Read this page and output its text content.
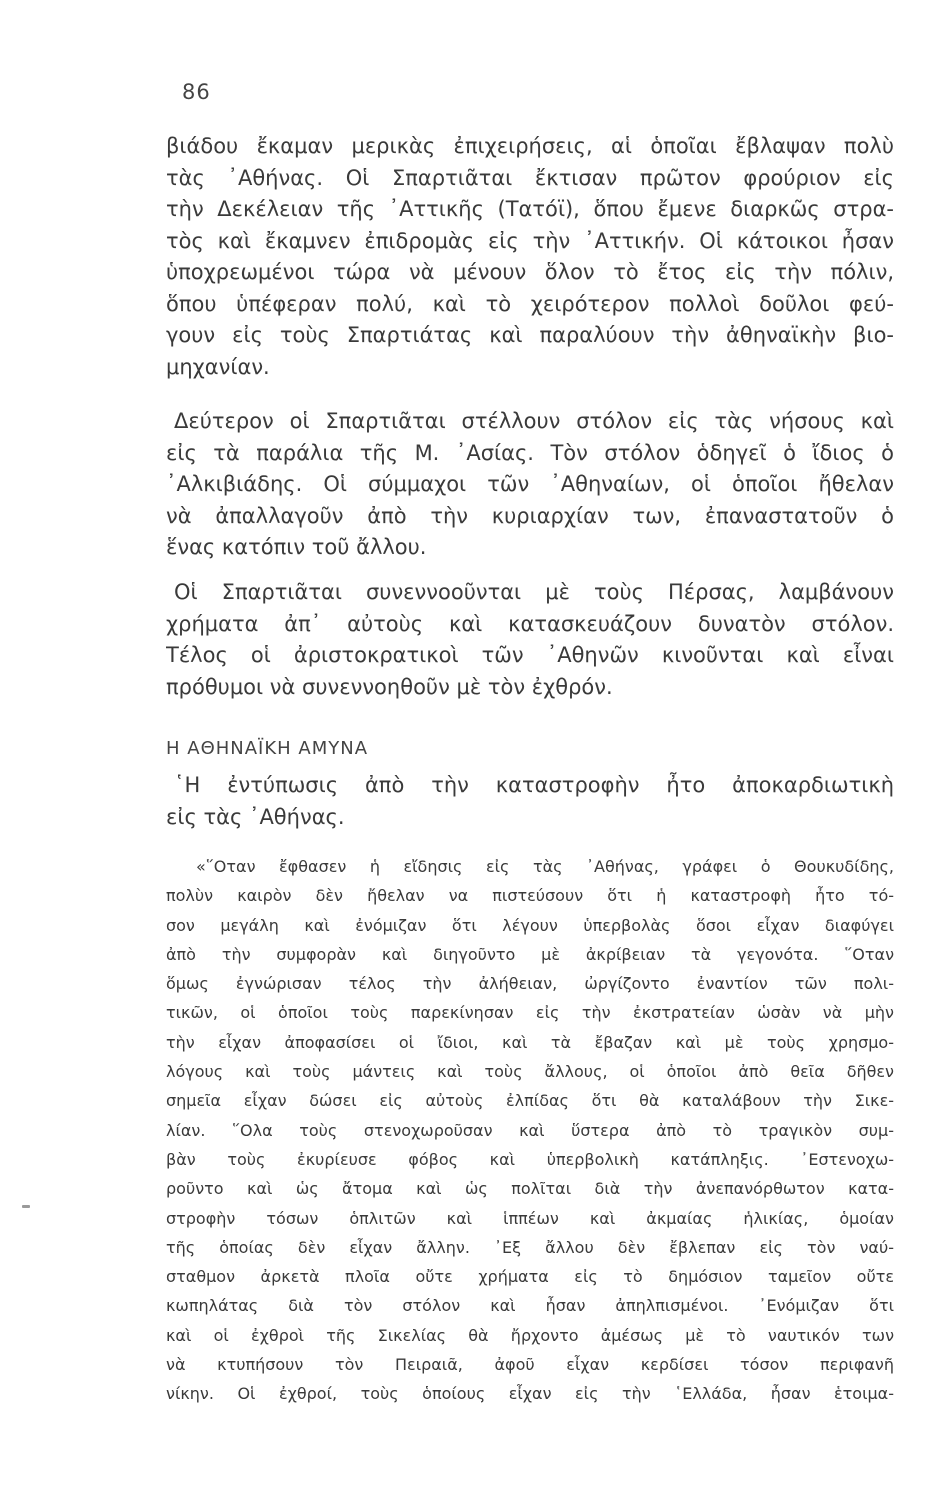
86
βιάδου ἔκαμαν μερικὰς ἐπιχειρήσεις, αἱ ὁποῖαι ἔβλαψαν πολὺ
τὰς ᾿Αθήνας. Οἱ Σπαρτιᾶται ἔκτισαν πρῶτον φρούριον εἰς
τὴν Δεκέλειαν τῆς ᾿Αττικῆς (Τατόϊ), ὅπου ἔμενε διαρκῶς στρα-
τὸς καὶ ἔκαμνεν ἐπιδρομὰς εἰς τὴν ᾿Αττικήν. Οἱ κάτοικοι ἦσαν
ὑποχρεωμένοι τώρα νὰ μένουν ὅλον τὸ ἔτος εἰς τὴν πόλιν,
ὅπου ὑπέφεραν πολύ, καὶ τὸ χειρότερον πολλοὶ δοῦλοι φεύ-
γουν εἰς τοὺς Σπαρτιάτας καὶ παραλύουν τὴν ἀθηναϊκὴν βιο-
μηχανίαν.
Δεύτερον οἱ Σπαρτιᾶται στέλλουν στόλον εἰς τὰς νήσους καὶ
εἰς τὰ παράλια τῆς Μ. ᾿Ασίας. Τὸν στόλον ὁδηγεῖ ὁ ἴδιος ὁ
᾿Αλκιβιάδης. Οἱ σύμμαχοι τῶν ᾿Αθηναίων, οἱ ὁποῖοι ἤθελαν
νὰ ἀπαλλαγοῦν ἀπὸ τὴν κυριαρχίαν των, ἐπαναστατοῦν ὁ
ἕνας κατόπιν τοῦ ἄλλου.
Οἱ Σπαρτιᾶται συνεννοοῦνται μὲ τοὺς Πέρσας, λαμβάνουν
χρήματα ἀπ᾿ αὐτοὺς καὶ κατασκευάζουν δυνατὸν στόλον.
Τέλος οἱ ἀριστοκρατικοὶ τῶν ᾿Αθηνῶν κινοῦνται καὶ εἶναι
πρόθυμοι νὰ συνεννοηθοῦν μὲ τὸν ἐχθρόν.
Η ΑΘΗΝΑΪΚΗ ΑΜΥΝΑ
῾Η ἐντύπωσις ἀπὸ τὴν καταστροφὴν ἦτο ἀποκαρδιωτικὴ
εἰς τὰς ᾿Αθήνας.
«῞Οταν ἔφθασεν ἡ εἴδησις εἰς τὰς ᾿Αθήνας, γράφει ὁ Θουκυδίδης,
πολὺν καιρὸν δὲν ἤθελαν να πιστεύσουν ὅτι ἡ καταστροφὴ ἦτο τό-
σον μεγάλη καὶ ἐνόμιζαν ὅτι λέγουν ὑπερβολὰς ὅσοι εἶχαν διαφύγει
ἀπὸ τὴν συμφορὰν καὶ διηγοῦντο μὲ ἀκρίβειαν τὰ γεγονότα. ῞Οταν
ὅμως ἐγνώρισαν τέλος τὴν ἀλήθειαν, ὠργίζοντο ἐναντίον τῶν πολι-
τικῶν, οἱ ὁποῖοι τοὺς παρεκίνησαν εἰς τὴν ἐκστρατείαν ὡσὰν νὰ μὴν
τὴν εἶχαν ἀποφασίσει οἱ ἴδιοι, καὶ τὰ ἔβαζαν καὶ μὲ τοὺς χρησμο-
λόγους καὶ τοὺς μάντεις καὶ τοὺς ἄλλους, οἱ ὁποῖοι ἀπὸ θεῖα δῆθεν
σημεῖα εἶχαν δώσει εἰς αὐτοὺς ἐλπίδας ὅτι θὰ καταλάβουν τὴν Σικε-
λίαν. ῞Ολα τοὺς στενοχωροῦσαν καὶ ὕστερα ἀπὸ τὸ τραγικὸν συμ-
βὰν τοὺς ἐκυρίευσε φόβος καὶ ὑπερβολικὴ κατάπληξις. ᾿Εστενοχω-
ροῦντο καὶ ὡς ἄτομα καὶ ὡς πολῖται διὰ τὴν ἀνεπανόρθωτον κατα-
στροφὴν τόσων ὁπλιτῶν καὶ ἱππέων καὶ ἀκμαίας ἡλικίας, ὁμοίαν
τῆς ὁποίας δὲν εἶχαν ἄλλην. ᾿Εξ ἄλλου δὲν ἔβλεπαν εἰς τὸν ναύ-
σταθμον ἀρκετὰ πλοῖα οὔτε χρήματα εἰς τὸ δημόσιον ταμεῖον οὔτε
κωπηλάτας διὰ τὸν στόλον καὶ ἦσαν ἀπηλπισμένοι. ᾿Ενόμιζαν ὅτι
καὶ οἱ ἐχθροὶ τῆς Σικελίας θὰ ἤρχοντο ἀμέσως μὲ τὸ ναυτικόν των
νὰ κτυπήσουν τὸν Πειραιᾶ, ἀφοῦ εἶχαν κερδίσει τόσον περιφανῆ
νίκην. Οἱ ἐχθροί, τοὺς ὁποίους εἶχαν εἰς τὴν ῾Ελλάδα, ἦσαν ἑτοιμα-
